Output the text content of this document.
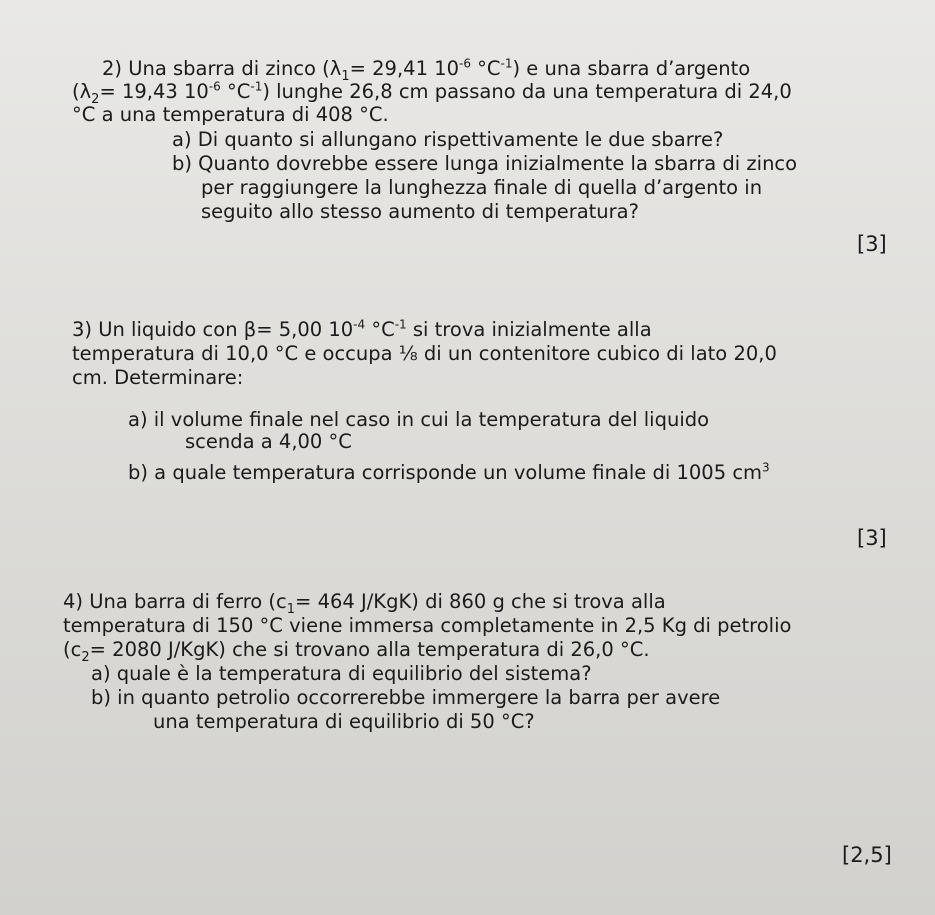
2) Una sbarra di zinco ($\lambda_1= 29,41$ $10^{-6}$ $^\circ C^{-1}$) e una sbarra d’argento
($\lambda_2= 19,43$ $10^{-6}$ $^\circ C^{-1}$) lunghe 26,8 cm passano da una temperatura di 24,0
°C a una temperatura di 408 °C.
a) Di quanto si allungano rispettivamente le due sbarre?
b) Quanto dovrebbe essere lunga inizialmente la sbarra di zinco
per raggiungere la lunghezza finale di quella d’argento in
seguito allo stesso aumento di temperatura?
[3]
3) Un liquido con β= 5,00 $10^{-4}$ $^\circ C^{-1}$ si trova inizialmente alla
temperatura di 10,0 °C e occupa ⅛ di un contenitore cubico di lato 20,0
cm. Determinare:
a) il volume finale nel caso in cui la temperatura del liquido
scenda a 4,00 °C
b) a quale temperatura corrisponde un volume finale di 1005 $cm^3$
[3]
4) Una barra di ferro ($c_1= 464$ J/KgK) di 860 g che si trova alla
temperatura di 150 °C viene immersa completamente in 2,5 Kg di petrolio
($c_2= 2080$ J/KgK) che si trovano alla temperatura di 26,0 °C.
a) quale è la temperatura di equilibrio del sistema?
b) in quanto petrolio occorrerebbe immergere la barra per avere
una temperatura di equilibrio di 50 °C?
[2,5]
